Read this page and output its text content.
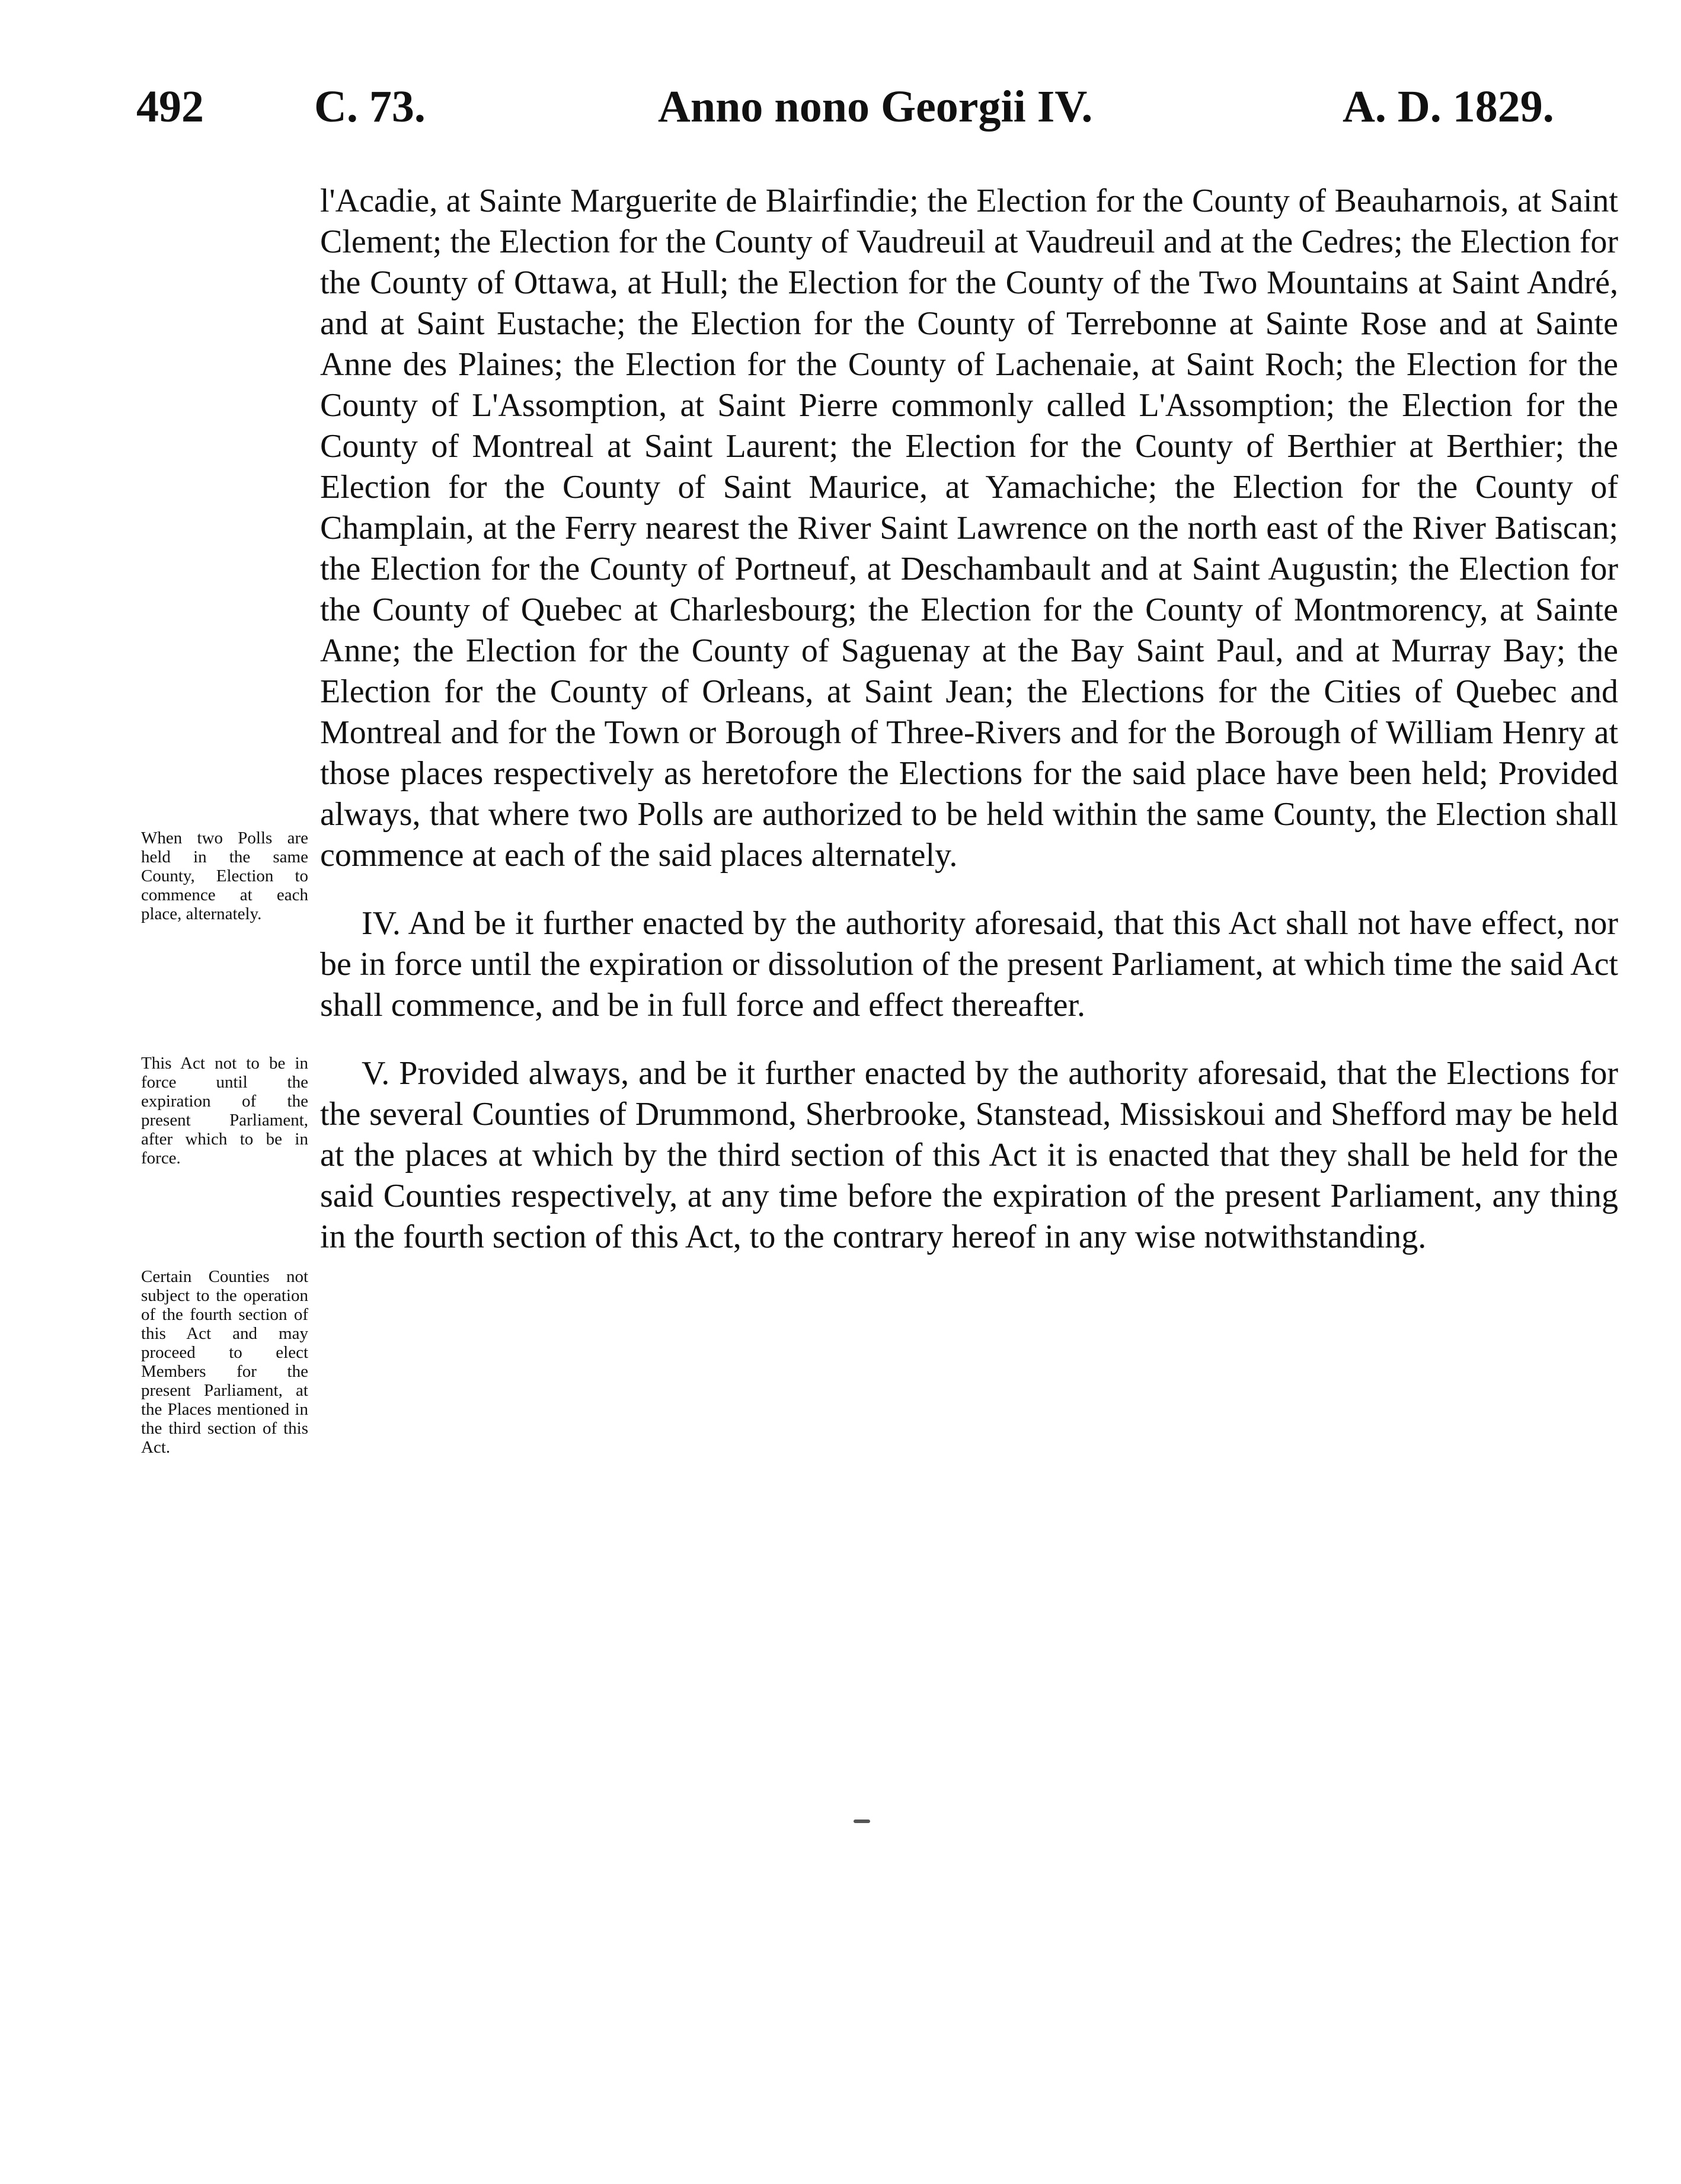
492 C. 73.	Anno nono Georgii IV.	A. D. 1829.
When two Polls are held in the same County, Election to commence at each place, alternately.
This Act not to be in force until the expiration of the present Parliament, after which to be in force.
Certain Counties not subject to the operation of the fourth section of this Act and may proceed to elect Members for the present Parliament, at the Places mentioned in the third section of this Act.

l'Acadie, at Sainte Marguerite de Blairfindie; the Election for the County of Beauharnois, at Saint Clement; the Election for the County of Vaudreuil at Vaudreuil and at the Cedres; the Election for the County of Ottawa, at Hull; the Election for the County of the Two Mountains at Saint André, and at Saint Eustache; the Election for the County of Terrebonne at Sainte Rose and at Sainte Anne des Plaines; the Election for the County of Lachenaie, at Saint Roch; the Election for the County of L'Assomption, at Saint Pierre commonly called L'Assomption; the Election for the County of Montreal at Saint Laurent; the Election for the County of Berthier at Berthier; the Election for the County of Saint Maurice, at Yamachiche; the Election for the County of Champlain, at the Ferry nearest the River Saint Lawrence on the north east of the River Batiscan; the Election for the County of Portneuf, at Deschambault and at Saint Augustin; the Election for the County of Quebec at Charlesbourg; the Election for the County of Montmorency, at Sainte Anne; the Election for the County of Saguenay at the Bay Saint Paul, and at Murray Bay; the Election for the County of Orleans, at Saint Jean; the Elections for the Cities of Quebec and Montreal and for the Town or Borough of Three-Rivers and for the Borough of William Henry at those places respectively as heretofore the Elections for the said place have been held; Provided always, that where two Polls are authorized to be held within the same County, the Election shall commence at each of the said places alternately.

IV. And be it further enacted by the authority aforesaid, that this Act shall not have effect, nor be in force until the expiration or dissolution of the present Parliament, at which time the said Act shall commence, and be in full force and effect thereafter.

V. Provided always, and be it further enacted by the authority aforesaid, that the Elections for the several Counties of Drummond, Sherbrooke, Stanstead, Missiskoui and Shefford may be held at the places at which by the third section of this Act it is enacted that they shall be held for the said Counties respectively, at any time before the expiration of the present Parliament, any thing in the fourth section of this Act, to the contrary hereof in any wise notwithstanding.
